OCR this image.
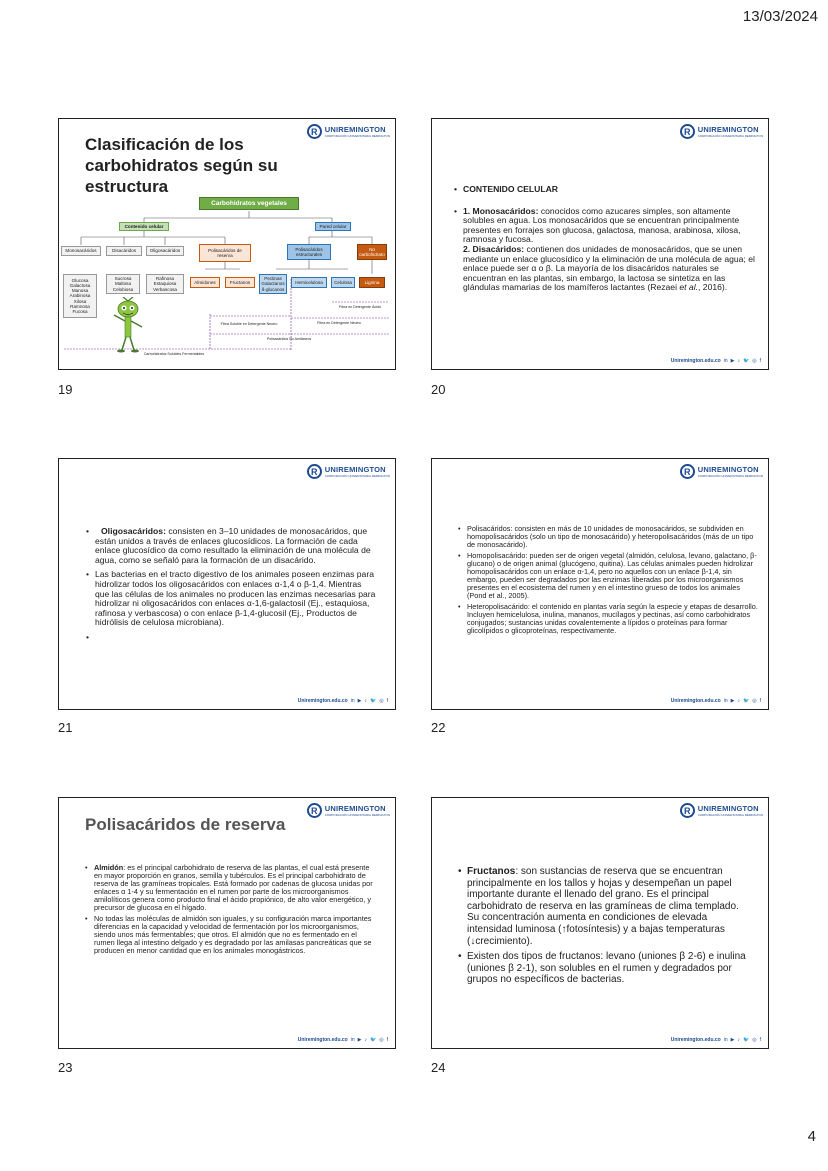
13/03/2024
R UNIREMINGTON
CORPORACIÓN UNIVERSITARIA REMINGTON
Clasificación de los carbohidratos según su estructura
Carbohidratos vegetales
Contenido celular	Pared celular
Monosacáridos	Disacáridos	Oligosacáridos	Polisacáridos de reserva
Polisacáridos estructurales
No carbohidrato
Glucosa Galactosa Manosa Arabinosa Xilosa Ramnosa Fucosa
Sucrosa Maltosa Celobiosa
Rafinosa Estaquiosa Verbascosa
Almidones	Fructanos
Pectinas Galactanos ß-glucanos
Hemicelulosa	Celulosa	Lignina
Fibra en Detergente Ácido
Fibra Soluble en Detergente Neutro	Fibra en Detergente Neutro
Polisacáridos No Amiláceos
Carbohidratos Solubles Fermentables
19
R UNIREMINGTON
CORPORACIÓN UNIVERSITARIA REMINGTON
• CONTENIDO CELULAR
• 1. Monosacáridos: conocidos como azucares simples, son altamente solubles en agua. Los monosacáridos que se encuentran principalmente presentes en forrajes son glucosa, galactosa, manosa, arabinosa, xilosa, ramnosa y fucosa.
2. Disacáridos: contienen dos unidades de monosacáridos, que se unen mediante un enlace glucosídico y la eliminación de una molécula de agua; el enlace puede ser α o β. La mayoría de los disacáridos naturales se encuentran en las plantas, sin embargo, la lactosa se sintetiza en las glándulas mamarias de los mamíferos lactantes (Rezaei et al., 2016).
Uniremington.edu.co in ▶ ♪ 🐦 ◎ f
20
R UNIREMINGTON
CORPORACIÓN UNIVERSITARIA REMINGTON
• Oligosacáridos: consisten en 3–10 unidades de monosacáridos, que están unidos a través de enlaces glucosídicos. La formación de cada enlace glucosídico da como resultado la eliminación de una molécula de agua, como se señaló para la formación de un disacárido.
• Las bacterias en el tracto digestivo de los animales poseen enzimas para hidrolizar todos los oligosacáridos con enlaces α-1,4 o β-1,4. Mientras que las células de los animales no producen las enzimas necesarias para hidrolizar ni oligosacáridos con enlaces α-1,6-galactosil (Ej., estaquiosa, rafinosa y verbascosa) o con enlace β-1,4-glucosil (Ej., Productos de hidrólisis de celulosa microbiana).
•
Uniremington.edu.co in ▶ ♪ 🐦 ◎ f
21
R UNIREMINGTON
CORPORACIÓN UNIVERSITARIA REMINGTON
• Polisacáridos: consisten en más de 10 unidades de monosacáridos, se subdividen en homopolisacáridos (solo un tipo de monosacárido) y heteropolisacáridos (más de un tipo de monosacárido).
• Homopolisacárido: pueden ser de origen vegetal (almidón, celulosa, levano, galactano, β-glucano) o de origen animal (glucógeno, quitina). Las células animales pueden hidrolizar homopolisacáridos con un enlace α-1,4, pero no aquellos con un enlace β-1,4, sin embargo, pueden ser degradados por las enzimas liberadas por los microorganismos presentes en el ecosistema del rumen y en el intestino grueso de todos los animales (Pond et al., 2005).
• Heteropolisacárido: el contenido en plantas varía según la especie y etapas de desarrollo. Incluyen hemicelulosa, inulina, mananos, mucílagos y pectinas, así como carbohidratos conjugados; sustancias unidas covalentemente a lípidos o proteínas para formar glicolípidos o glicoproteínas, respectivamente.
Uniremington.edu.co in ▶ ♪ 🐦 ◎ f
22
R UNIREMINGTON
CORPORACIÓN UNIVERSITARIA REMINGTON
Polisacáridos de reserva
• Almidón: es el principal carbohidrato de reserva de las plantas, el cual está presente en mayor proporción en granos, semilla y tubérculos. Es el principal carbohidrato de reserva de las gramíneas tropicales. Está formado por cadenas de glucosa unidas por enlaces α 1-4 y su fermentación en el rumen por parte de los microorganismos amilolíticos genera como producto final el ácido propiónico, de alto valor energético, y precursor de glucosa en el hígado.
• No todas las moléculas de almidón son iguales, y su configuración marca importantes diferencias en la capacidad y velocidad de fermentación por los microorganismos, siendo unos más fermentables; que otros. El almidón que no es fermentado en el rumen llega al intestino delgado y es degradado por las amilasas pancreáticas que se producen en menor cantidad que en los animales monogástricos.
Uniremington.edu.co in ▶ ♪ 🐦 ◎ f
23
R UNIREMINGTON
CORPORACIÓN UNIVERSITARIA REMINGTON
• Fructanos: son sustancias de reserva que se encuentran principalmente en los tallos y hojas y desempeñan un papel importante durante el llenado del grano. Es el principal carbohidrato de reserva en las gramíneas de clima templado. Su concentración aumenta en condiciones de elevada intensidad luminosa (↑fotosíntesis) y a bajas temperaturas (↓crecimiento).
• Existen dos tipos de fructanos: levano (uniones β 2-6) e inulina (uniones β 2-1), son solubles en el rumen y degradados por grupos no específicos de bacterias.
Uniremington.edu.co in ▶ ♪ 🐦 ◎ f
24
4
